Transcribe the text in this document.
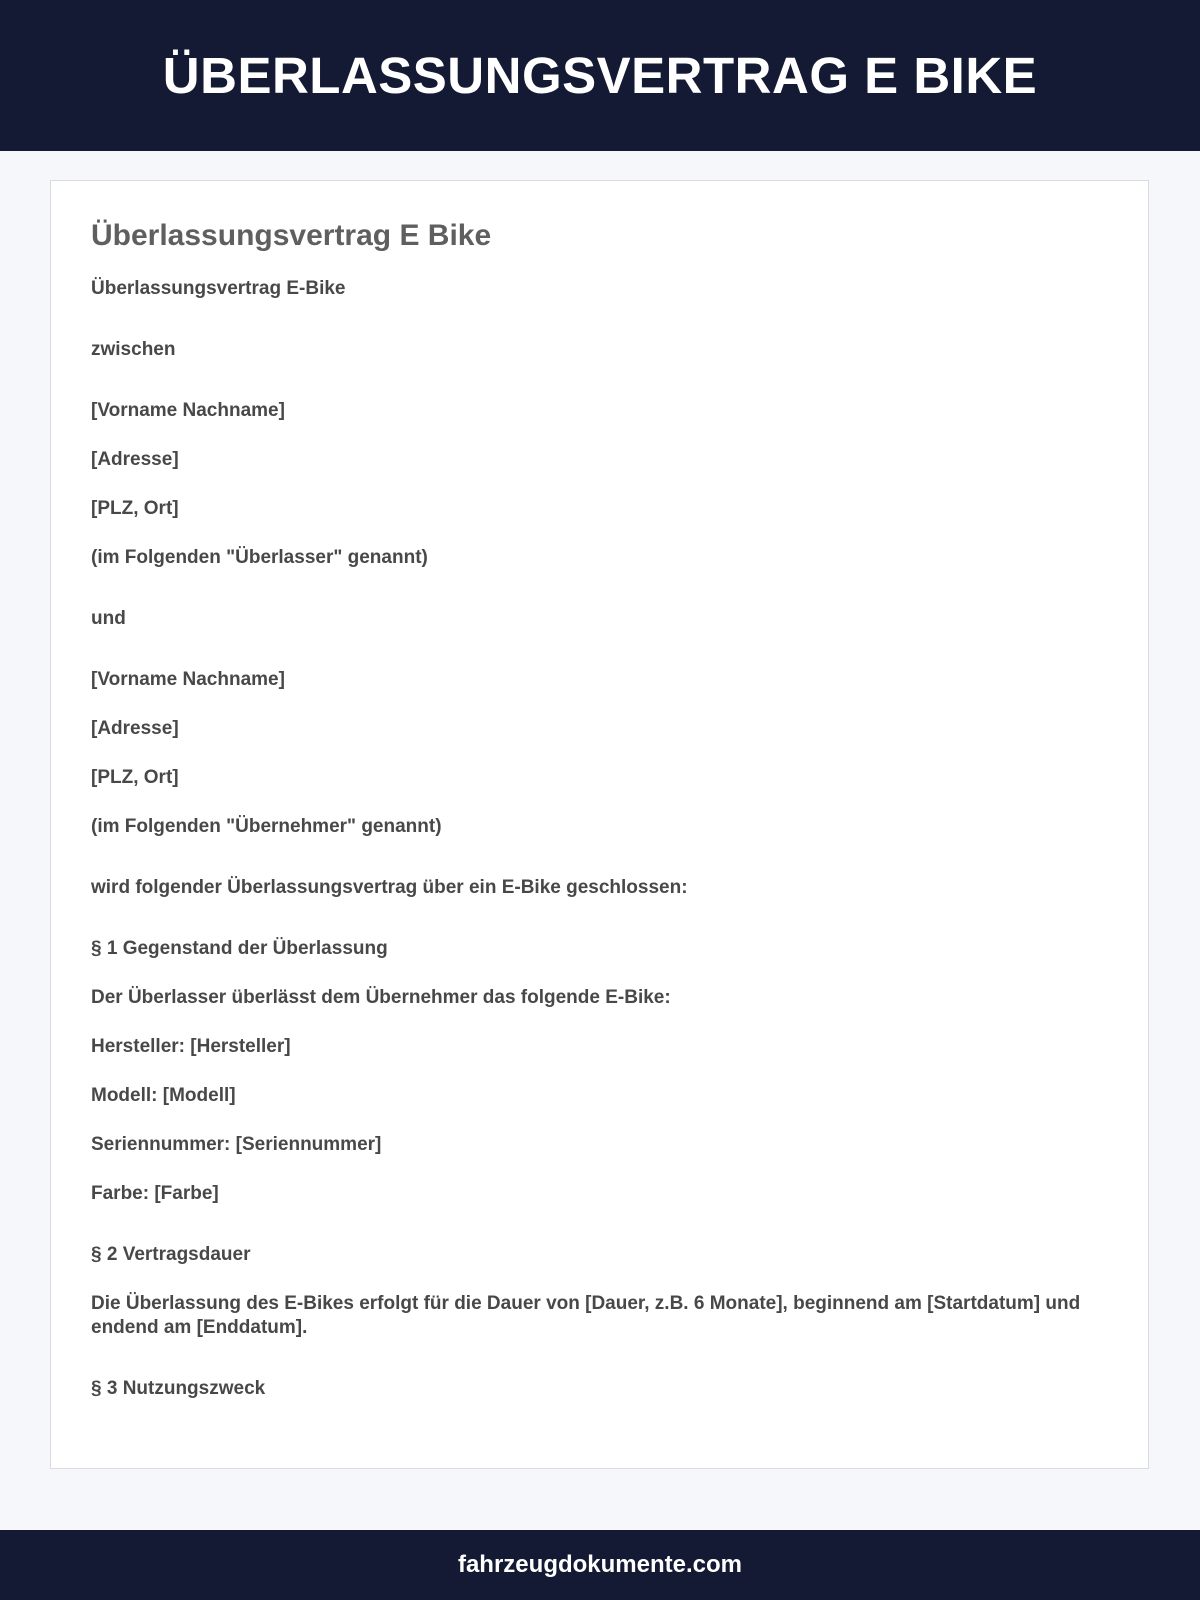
ÜBERLASSUNGSVERTRAG E BIKE
Überlassungsvertrag E Bike

Überlassungsvertrag E-Bike

zwischen

[Vorname Nachname]

[Adresse]

[PLZ, Ort]

(im Folgenden "Überlasser" genannt)

und

[Vorname Nachname]

[Adresse]

[PLZ, Ort]

(im Folgenden "Übernehmer" genannt)

wird folgender Überlassungsvertrag über ein E-Bike geschlossen:

§ 1 Gegenstand der Überlassung

Der Überlasser überlässt dem Übernehmer das folgende E-Bike:

Hersteller: [Hersteller]

Modell: [Modell]

Seriennummer: [Seriennummer]

Farbe: [Farbe]

§ 2 Vertragsdauer

Die Überlassung des E-Bikes erfolgt für die Dauer von [Dauer, z.B. 6 Monate], beginnend am [Startdatum] und endend am [Enddatum].

§ 3 Nutzungszweck

fahrzeugdokumente.com
